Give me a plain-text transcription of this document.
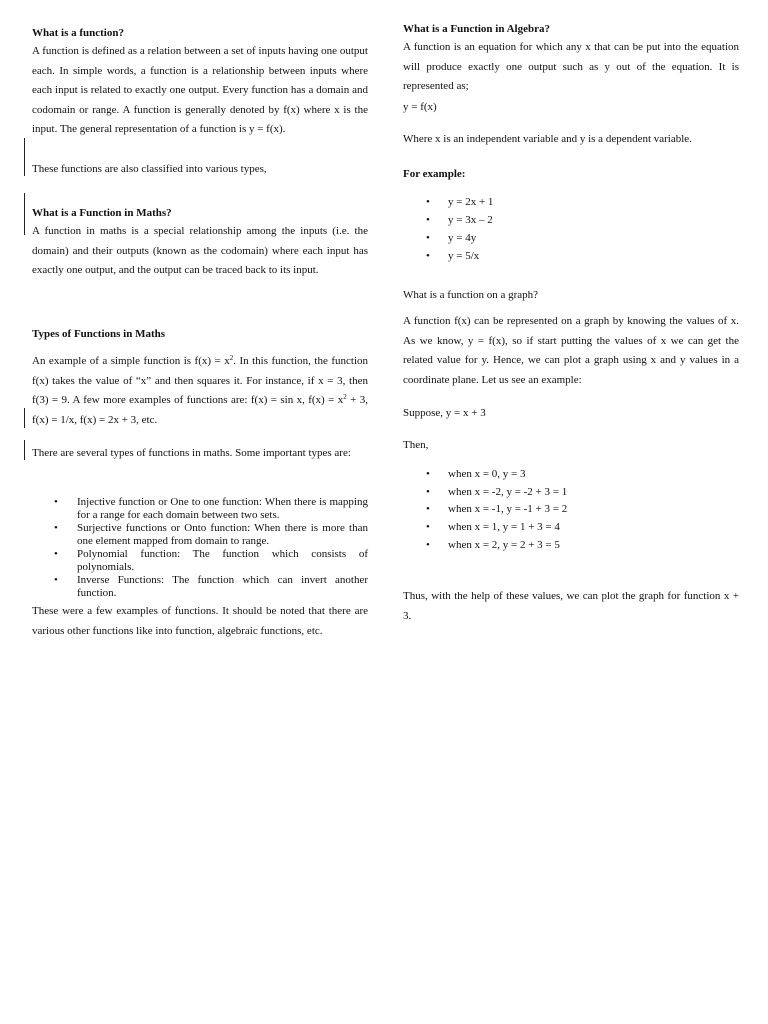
What is a function?

A function is defined as a relation between a set of inputs having one output each. In simple words, a function is a relationship between inputs where each input is related to exactly one output. Every function has a domain and codomain or range. A function is generally denoted by f(x) where x is the input. The general representation of a function is y = f(x).

These functions are also classified into various types,

What is a Function in Maths?

A function in maths is a special relationship among the inputs (i.e. the domain) and their outputs (known as the codomain) where each input has exactly one output, and the output can be traced back to its input.

Types of Functions in Maths

An example of a simple function is $f(x) = x^2$. In this function, the function f(x) takes the value of “x” and then squares it. For instance, if x = 3, then f(3) = 9. A few more examples of functions are: f(x) = sin x, $f(x) = x^2 + 3$, f(x) = 1/x, f(x) = 2x + 3, etc.

There are several types of functions in maths. Some important types are:

• Injective function or One to one function: When there is mapping for a range for each domain between two sets.
• Surjective functions or Onto function: When there is more than one element mapped from domain to range.
• Polynomial function: The function which consists of polynomials.
• Inverse Functions: The function which can invert another function.

These were a few examples of functions. It should be noted that there are various other functions like into function, algebraic functions, etc.

What is a Function in Algebra?

A function is an equation for which any x that can be put into the equation will produce exactly one output such as y out of the equation. It is represented as;

y = f(x)

Where x is an independent variable and y is a dependent variable.

For example:
• y = 2x + 1
• y = 3x – 2
• y = 4y
• y = 5/x
What is a function on a graph?

A function f(x) can be represented on a graph by knowing the values of x. As we know, y = f(x), so if start putting the values of x we can get the related value for y. Hence, we can plot a graph using x and y values in a coordinate plane. Let us see an example:

Suppose, y = x + 3

Then,

• when x = 0, y = 3
• when x = -2, y = -2 + 3 = 1
• when x = -1, y = -1 + 3 = 2
• when x = 1, y = 1 + 3 = 4
• when x = 2, y = 2 + 3 = 5

Thus, with the help of these values, we can plot the graph for function x + 3.
